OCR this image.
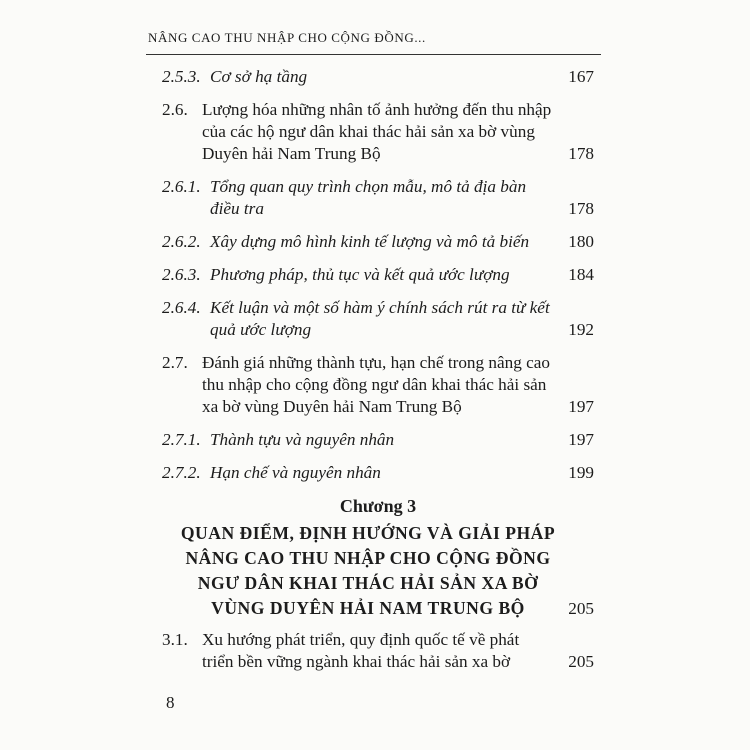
NÂNG CAO THU NHẬP CHO CỘNG ĐỒNG...
2.5.3. Cơ sở hạ tầng	167
2.6. Lượng hóa những nhân tố ảnh hưởng đến thu nhập của các hộ ngư dân khai thác hải sản xa bờ vùng Duyên hải Nam Trung Bộ	178
2.6.1. Tổng quan quy trình chọn mẫu, mô tả địa bàn điều tra	178
2.6.2. Xây dựng mô hình kinh tế lượng và mô tả biến	180
2.6.3. Phương pháp, thủ tục và kết quả ước lượng	184
2.6.4. Kết luận và một số hàm ý chính sách rút ra từ kết quả ước lượng	192
2.7. Đánh giá những thành tựu, hạn chế trong nâng cao thu nhập cho cộng đồng ngư dân khai thác hải sản xa bờ vùng Duyên hải Nam Trung Bộ	197
2.7.1. Thành tựu và nguyên nhân	197
2.7.2. Hạn chế và nguyên nhân	199
Chương 3
QUAN ĐIỂM, ĐỊNH HƯỚNG VÀ GIẢI PHÁP
NÂNG CAO THU NHẬP CHO CỘNG ĐỒNG
NGƯ DÂN KHAI THÁC HẢI SẢN XA BỜ
VÙNG DUYÊN HẢI NAM TRUNG BỘ	205
3.1. Xu hướng phát triển, quy định quốc tế về phát triển bền vững ngành khai thác hải sản xa bờ	205
8
